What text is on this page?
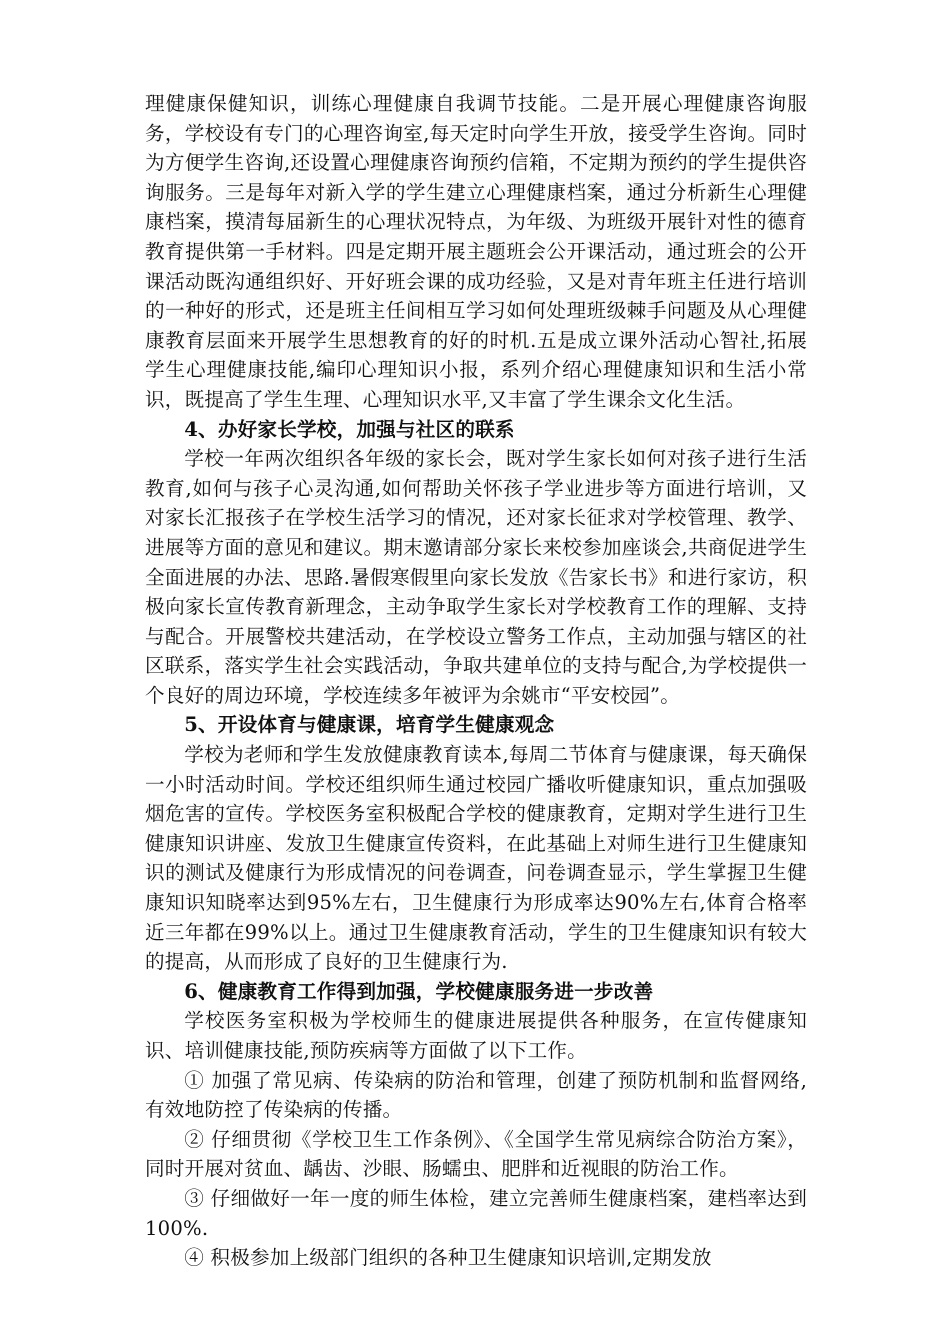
理健康保健知识，训练心理健康自我调节技能。二是开展心理健康咨询服务，学校设有专门的心理咨询室,每天定时向学生开放，接受学生咨询。同时为方便学生咨询,还设置心理健康咨询预约信箱，不定期为预约的学生提供咨询服务。三是每年对新入学的学生建立心理健康档案，通过分析新生心理健康档案，摸清每届新生的心理状况特点，为年级、为班级开展针对性的德育教育提供第一手材料。四是定期开展主题班会公开课活动，通过班会的公开课活动既沟通组织好、开好班会课的成功经验，又是对青年班主任进行培训的一种好的形式，还是班主任间相互学习如何处理班级棘手问题及从心理健康教育层面来开展学生思想教育的好的时机.五是成立课外活动心智社,拓展学生心理健康技能,编印心理知识小报，系列介绍心理健康知识和生活小常识，既提高了学生生理、心理知识水平,又丰富了学生课余文化生活。

4、办好家长学校，加强与社区的联系

学校一年两次组织各年级的家长会，既对学生家长如何对孩子进行生活教育,如何与孩子心灵沟通,如何帮助关怀孩子学业进步等方面进行培训，又对家长汇报孩子在学校生活学习的情况，还对家长征求对学校管理、教学、进展等方面的意见和建议。期末邀请部分家长来校参加座谈会,共商促进学生全面进展的办法、思路.暑假寒假里向家长发放《告家长书》和进行家访，积极向家长宣传教育新理念，主动争取学生家长对学校教育工作的理解、支持与配合。开展警校共建活动，在学校设立警务工作点，主动加强与辖区的社区联系，落实学生社会实践活动，争取共建单位的支持与配合,为学校提供一个良好的周边环境，学校连续多年被评为余姚市“平安校园”。

5、开设体育与健康课，培育学生健康观念

学校为老师和学生发放健康教育读本,每周二节体育与健康课，每天确保一小时活动时间。学校还组织师生通过校园广播收听健康知识，重点加强吸烟危害的宣传。学校医务室积极配合学校的健康教育，定期对学生进行卫生健康知识讲座、发放卫生健康宣传资料，在此基础上对师生进行卫生健康知识的测试及健康行为形成情况的问卷调查，问卷调查显示，学生掌握卫生健康知识知晓率达到95%左右，卫生健康行为形成率达90%左右,体育合格率近三年都在99%以上。通过卫生健康教育活动，学生的卫生健康知识有较大的提高，从而形成了良好的卫生健康行为.

6、健康教育工作得到加强，学校健康服务进一步改善

学校医务室积极为学校师生的健康进展提供各种服务，在宣传健康知识、培训健康技能,预防疾病等方面做了以下工作。

① 加强了常见病、传染病的防治和管理，创建了预防机制和监督网络,有效地防控了传染病的传播。

② 仔细贯彻《学校卫生工作条例》、《全国学生常见病综合防治方案》，同时开展对贫血、龋齿、沙眼、肠蠕虫、肥胖和近视眼的防治工作。

③ 仔细做好一年一度的师生体检，建立完善师生健康档案，建档率达到100%.

④ 积极参加上级部门组织的各种卫生健康知识培训,定期发放
